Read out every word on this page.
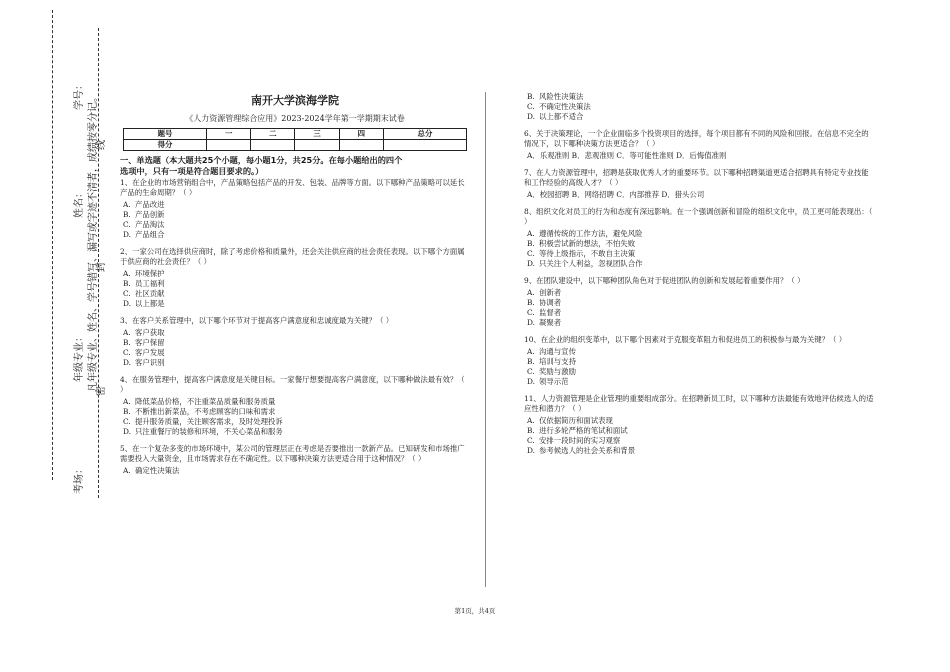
学号：
姓名：
年级专业：
考场：
凡年级专业、姓名、学号错写、漏写或字迹不清者，成绩按零分记。
密
封
线
南开大学滨海学院
《人力资源管理综合应用》2023-2024学年第一学期期末试卷
题号	一	二	三	四	总分
得分					
一、单选题（本大题共25个小题，每小题1分，共25分。在每小题给出的四个
选项中，只有一项是符合题目要求的。）
1、在企业的市场营销组合中，产品策略包括产品的开发、包装、品牌等方面。以下哪种产品策略可以延长产品的生命周期？（ ）
A. 产品改进
B. 产品创新
C. 产品淘汰
D. 产品组合
2、一家公司在选择供应商时，除了考虑价格和质量外，还会关注供应商的社会责任表现。以下哪个方面属于供应商的社会责任？（ ）
A. 环境保护
B. 员工福利
C. 社区贡献
D. 以上都是
3、在客户关系管理中，以下哪个环节对于提高客户满意度和忠诚度最为关键？（ ）
A. 客户获取
B. 客户保留
C. 客户发展
D. 客户识别
4、在服务管理中，提高客户满意度是关键目标。一家餐厅想要提高客户满意度，以下哪种做法最有效？（ ）
A. 降低菜品价格，不注重菜品质量和服务质量
B. 不断推出新菜品，不考虑顾客的口味和需求
C. 提升服务质量，关注顾客需求，及时处理投诉
D. 只注重餐厅的装修和环境，不关心菜品和服务
5、在一个复杂多变的市场环境中，某公司的管理层正在考虑是否要推出一款新产品。已知研发和市场推广需要投入大量资金，且市场需求存在不确定性。以下哪种决策方法更适合用于这种情况？（ ）
A. 确定性决策法
B. 风险性决策法
C. 不确定性决策法
D. 以上都不适合
6、关于决策理论，一个企业面临多个投资项目的选择，每个项目都有不同的风险和回报。在信息不完全的情况下，以下哪种决策方法更适合？（ ）
A．乐观准则 B．悲观准则 C．等可能性准则 D．后悔值准则
7、在人力资源管理中，招聘是获取优秀人才的重要环节。以下哪种招聘渠道更适合招聘具有特定专业技能和工作经验的高级人才？（ ）
A．校园招聘 B．网络招聘 C．内部推荐 D．猎头公司
8、组织文化对员工的行为和态度有深远影响。在一个强调创新和冒险的组织文化中，员工更可能表现出：（ ）
A. 遵循传统的工作方法，避免风险
B. 积极尝试新的想法，不怕失败
C. 等待上级指示，不敢自主决策
D. 只关注个人利益，忽视团队合作
9、在团队建设中，以下哪种团队角色对于促进团队的创新和发展起着重要作用？（ ）
A. 创新者
B. 协调者
C. 监督者
D. 凝聚者
10、在企业的组织变革中，以下哪个因素对于克服变革阻力和促进员工的积极参与最为关键？（ ）
A. 沟通与宣传
B. 培训与支持
C. 奖励与激励
D. 领导示范
11、人力资源管理是企业管理的重要组成部分。在招聘新员工时，以下哪种方法最能有效地评估候选人的适应性和潜力？（ ）
A. 仅依据简历和面试表现
B. 进行多轮严格的笔试和面试
C. 安排一段时间的实习观察
D. 参考候选人的社会关系和背景
第1页，共4页
